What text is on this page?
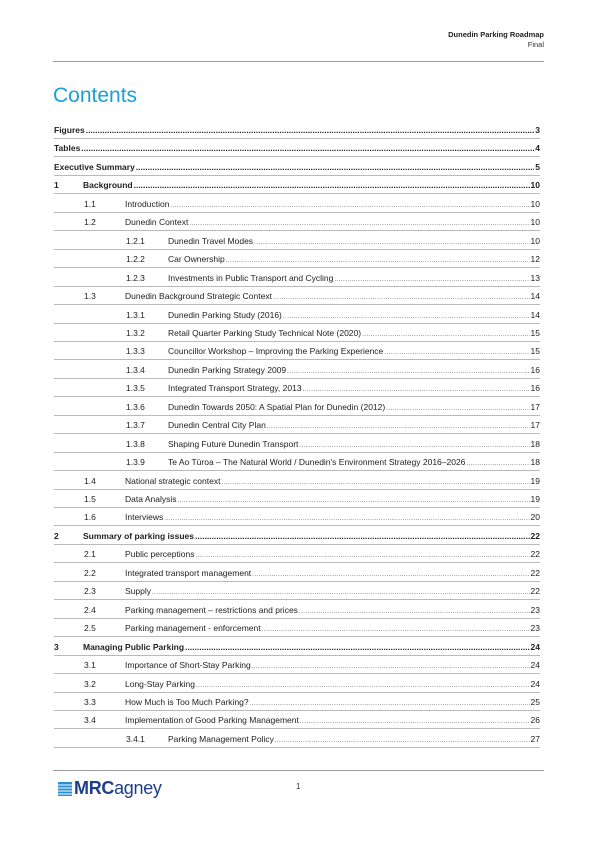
Dunedin Parking Roadmap
Final
Contents
Figures .....	3
Tables .....	4
Executive Summary .....	5
1	Background .....	10
1.1	Introduction .....	10
1.2	Dunedin Context .....	10
1.2.1	Dunedin Travel Modes .....	10
1.2.2	Car Ownership .....	12
1.2.3	Investments in Public Transport and Cycling .....	13
1.3	Dunedin Background Strategic Context .....	14
1.3.1	Dunedin Parking Study (2016) .....	14
1.3.2	Retail Quarter Parking Study Technical Note (2020) .....	15
1.3.3	Councillor Workshop – Improving the Parking Experience .....	15
1.3.4	Dunedin Parking Strategy 2009 .....	16
1.3.5	Integrated Transport Strategy, 2013 .....	16
1.3.6	Dunedin Towards 2050: A Spatial Plan for Dunedin (2012) .....	17
1.3.7	Dunedin Central City Plan .....	17
1.3.8	Shaping Future Dunedin Transport .....	18
1.3.9	Te Ao Tūroa – The Natural World / Dunedin's Environment Strategy 2016–2026 .....	18
1.4	National strategic context .....	19
1.5	Data Analysis .....	19
1.6	Interviews .....	20
2	Summary of parking issues .....	22
2.1	Public perceptions .....	22
2.2	Integrated transport management .....	22
2.3	Supply .....	22
2.4	Parking management – restrictions and prices .....	23
2.5	Parking management - enforcement .....	23
3	Managing Public Parking .....	24
3.1	Importance of Short-Stay Parking .....	24
3.2	Long-Stay Parking .....	24
3.3	How Much is Too Much Parking? .....	25
3.4	Implementation of Good Parking Management .....	26
3.4.1	Parking Management Policy .....	27
MRCagney	1
